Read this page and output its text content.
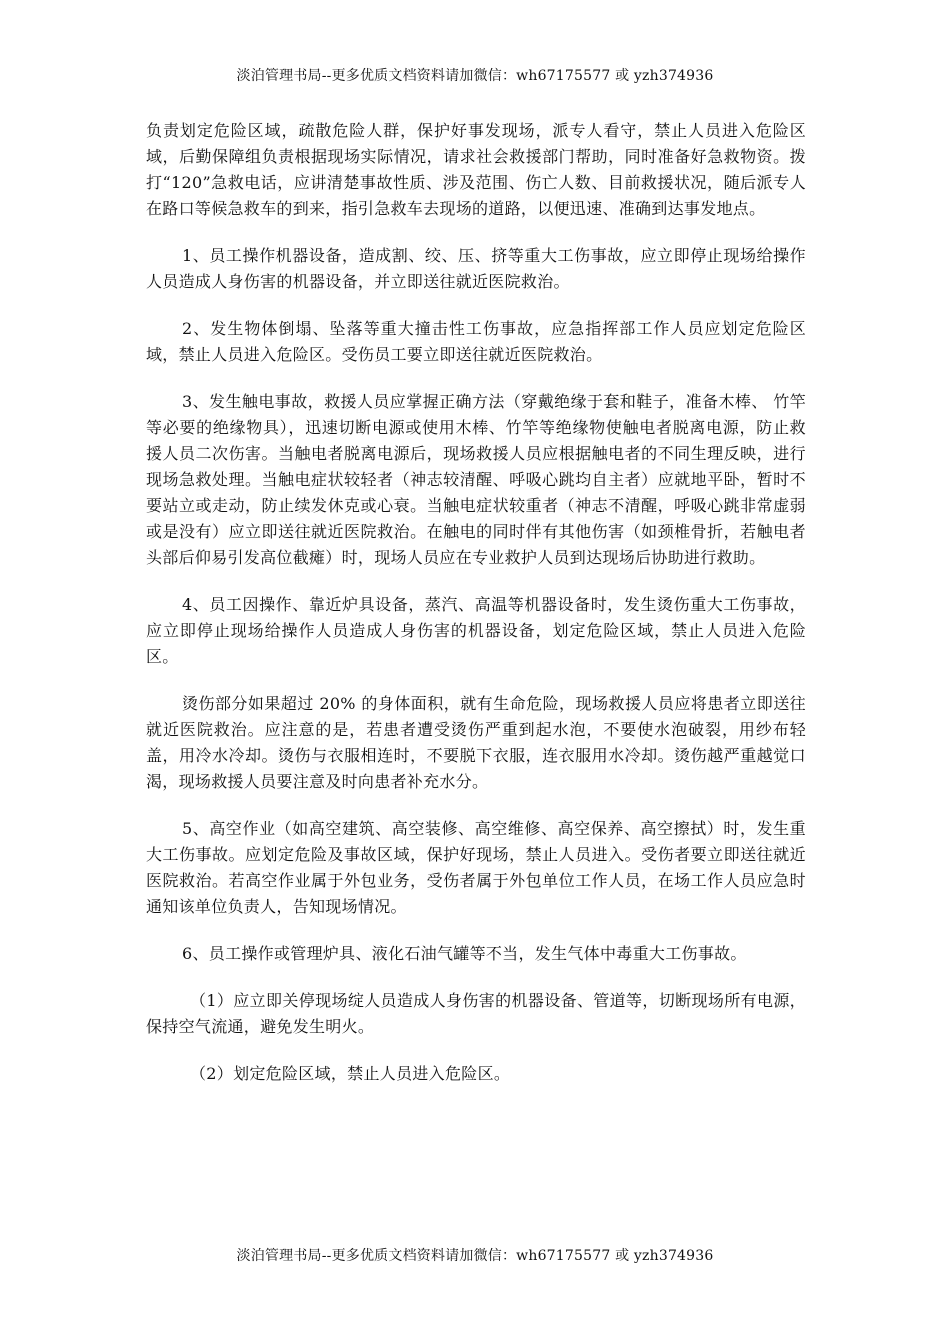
淡泊管理书局--更多优质文档资料请加微信：wh67175577 或 yzh374936

负责划定危险区域，疏散危险人群，保护好事发现场，派专人看守，禁止人员进入危险区域，后勤保障组负责根据现场实际情况，请求社会救援部门帮助，同时准备好急救物资。拨打“120”急救电话，应讲清楚事故性质、涉及范围、伤亡人数、目前救援状况，随后派专人在路口等候急救车的到来，指引急救车去现场的道路，以便迅速、准确到达事发地点。

1、员工操作机器设备，造成割、绞、压、挤等重大工伤事故，应立即停止现场给操作人员造成人身伤害的机器设备，并立即送往就近医院救治。

2、发生物体倒塌、坠落等重大撞击性工伤事故，应急指挥部工作人员应划定危险区域，禁止人员进入危险区。受伤员工要立即送往就近医院救治。

3、发生触电事故，救援人员应掌握正确方法（穿戴绝缘于套和鞋子，准备木棒、 竹竿等必要的绝缘物具），迅速切断电源或使用木棒、竹竿等绝缘物使触电者脱离电源，防止救援人员二次伤害。当触电者脱离电源后，现场救援人员应根据触电者的不同生理反映，进行现场急救处理。当触电症状较轻者（神志较清醒、呼吸心跳均自主者）应就地平卧，暂时不要站立或走动，防止续发休克或心衰。当触电症状较重者（神志不清醒，呼吸心跳非常虚弱或是没有）应立即送往就近医院救治。在触电的同时伴有其他伤害（如颈椎骨折，若触电者头部后仰易引发高位截瘫）时，现场人员应在专业救护人员到达现场后协助进行救助。

4、员工因操作、靠近炉具设备，蒸汽、高温等机器设备时，发生烫伤重大工伤事故，应立即停止现场给操作人员造成人身伤害的机器设备，划定危险区域，禁止人员进入危险区。

烫伤部分如果超过 20% 的身体面积，就有生命危险，现场救援人员应将患者立即送往就近医院救治。应注意的是，若患者遭受烫伤严重到起水泡，不要使水泡破裂，用纱布轻盖，用冷水冷却。烫伤与衣服相连时，不要脱下衣服，连衣服用水冷却。烫伤越严重越觉口渴，现场救援人员要注意及时向患者补充水分。

5、高空作业（如高空建筑、高空装修、高空维修、高空保养、高空擦拭）时，发生重大工伤事故。应划定危险及事故区域，保护好现场，禁止人员进入。受伤者要立即送往就近医院救治。若高空作业属于外包业务，受伤者属于外包单位工作人员，在场工作人员应急时通知该单位负责人，告知现场情况。

6、员工操作或管理炉具、液化石油气罐等不当，发生气体中毒重大工伤事故。

（1）应立即关停现场绽人员造成人身伤害的机器设备、管道等，切断现场所有电源，保持空气流通，避免发生明火。

（2）划定危险区域，禁止人员进入危险区。

淡泊管理书局--更多优质文档资料请加微信：wh67175577 或 yzh374936
